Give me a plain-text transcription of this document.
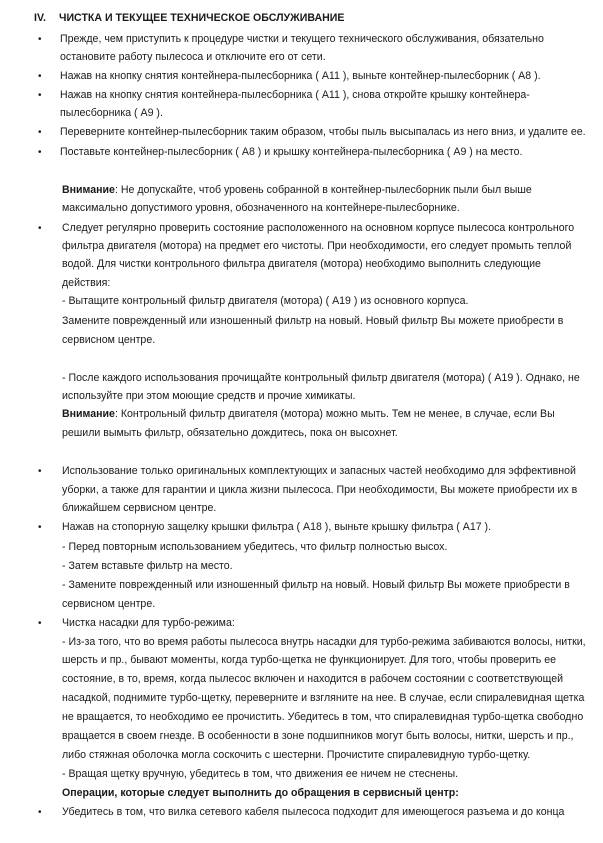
IV. ЧИСТКА И ТЕКУЩЕЕ ТЕХНИЧЕСКОЕ ОБСЛУЖИВАНИЕ
• Прежде, чем приступить к процедуре чистки и текущего технического обслуживания, обязательно
остановите работу пылесоса и отключите его от сети.
• Нажав на кнопку снятия контейнера-пылесборника ( А11 ), выньте контейнер-пылесборник ( А8 ).
• Нажав на кнопку снятия контейнера-пылесборника ( А11 ), снова откройте крышку контейнера-
пылесборника ( А9 ).
• Переверните контейнер-пылесборник таким образом, чтобы пыль высыпалась из него вниз, и удалите ее.
• Поставьте контейнер-пылесборник ( А8 ) и крышку контейнера-пылесборника ( А9 ) на место.
Внимание: Не допускайте, чтоб уровень собранной в контейнер-пылесборник пыли был выше
максимально допустимого уровня, обозначенного на контейнере-пылесборнике.
• Следует регулярно проверить состояние расположенного на основном корпусе пылесоса контрольного
фильтра двигателя (мотора) на предмет его чистоты. При необходимости, его следует промыть теплой
водой. Для чистки контрольного фильтра двигателя (мотора) необходимо выполнить следующие
действия:
- Вытащите контрольный фильтр двигателя (мотора) ( А19 ) из основного корпуса.
Замените поврежденный или изношенный фильтр на новый. Новый фильтр Вы можете приобрести в
сервисном центре.
- После каждого использования прочищайте контрольный фильтр двигателя (мотора) ( А19 ). Однако, не
используйте при этом моющие средств и прочие химикаты.
Внимание: Контрольный фильтр двигателя (мотора) можно мыть. Тем не менее, в случае, если Вы
решили вымыть фильтр, обязательно дождитесь, пока он высохнет.
• Использование только оригинальных комплектующих и запасных частей необходимо для эффективной
уборки, а также для гарантии и цикла жизни пылесоса. При необходимости, Вы можете приобрести их в
ближайшем сервисном центре.
• Нажав на стопорную защелку крышки фильтра ( А18 ), выньте крышку фильтра ( А17 ).
- Перед повторным использованием убедитесь, что фильтр полностью высох.
- Затем вставьте фильтр на место.
- Замените поврежденный или изношенный фильтр на новый. Новый фильтр Вы можете приобрести в
сервисном центре.
• Чистка насадки для турбо-режима:
- Из-за того, что во время работы пылесоса внутрь насадки для турбо-режима забиваются волосы, нитки,
шерсть и пр., бывают моменты, когда турбо-щетка не функционирует. Для того, чтобы проверить ее
состояние, в то, время, когда пылесос включен и находится в рабочем состоянии с соответствующей
насадкой, поднимите турбо-щетку, переверните и взгляните на нее. В случае, если спиралевидная щетка
не вращается, то необходимо ее прочистить. Убедитесь в том, что спиралевидная турбо-щетка свободно
вращается в своем гнезде. В особенности в зоне подшипников могут быть волосы, нитки, шерсть и пр.,
либо стяжная оболочка могла соскочить с шестерни. Прочистите спиралевидную турбо-щетку.
- Вращая щетку вручную, убедитесь в том, что движения ее ничем не стеснены.
Операции, которые следует выполнить до обращения в сервисный центр:
• Убедитесь в том, что вилка сетевого кабеля пылесоса подходит для имеющегося разъема и до конца
